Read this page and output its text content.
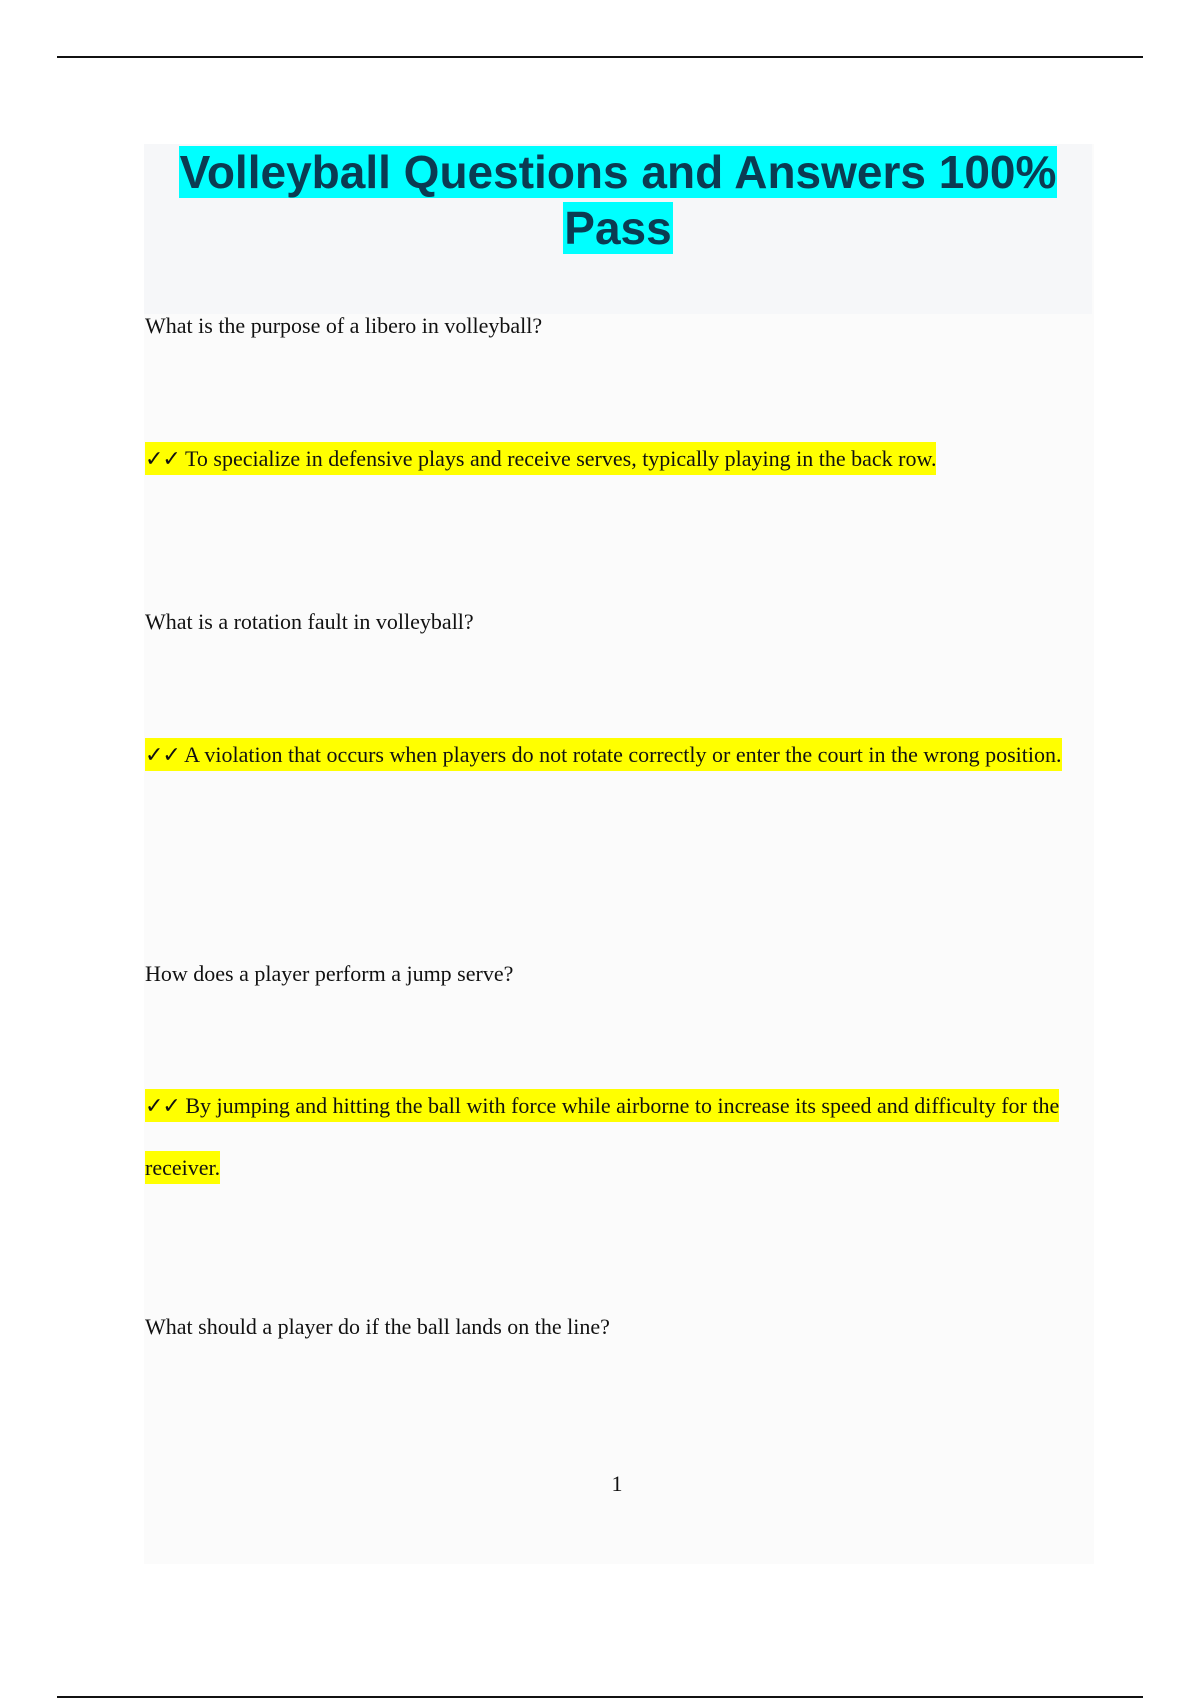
Volleyball Questions and Answers 100% Pass

What is the purpose of a libero in volleyball?

✓✓ To specialize in defensive plays and receive serves, typically playing in the back row.

What is a rotation fault in volleyball?

✓✓ A violation that occurs when players do not rotate correctly or enter the court in the wrong position.

How does a player perform a jump serve?

✓✓ By jumping and hitting the ball with force while airborne to increase its speed and difficulty for the receiver.

What should a player do if the ball lands on the line?

1
